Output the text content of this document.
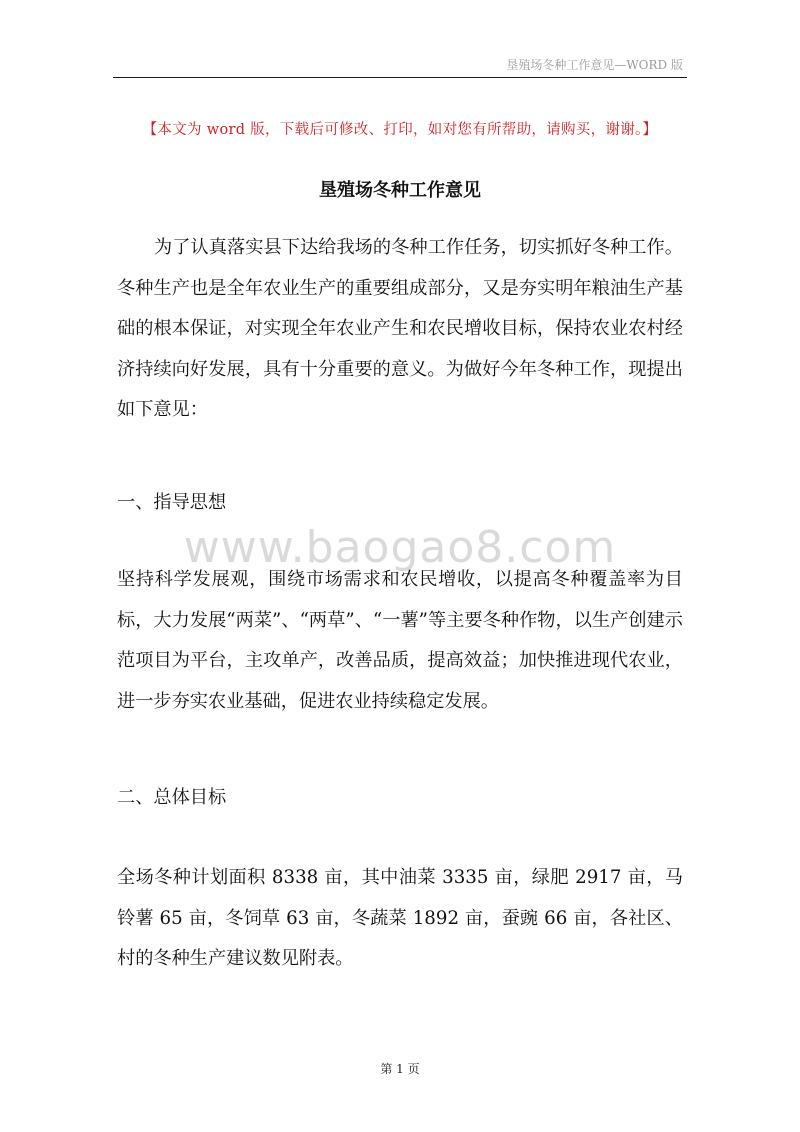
垦殖场冬种工作意见—WORD 版
【本文为 word 版，下载后可修改、打印，如对您有所帮助，请购买，谢谢。】
垦殖场冬种工作意见

为了认真落实县下达给我场的冬种工作任务，切实抓好冬种工作。冬种生产也是全年农业生产的重要组成部分，又是夯实明年粮油生产基础的根本保证，对实现全年农业产生和农民增收目标，保持农业农村经济持续向好发展，具有十分重要的意义。为做好今年冬种工作，现提出如下意见：

一、指导思想

www.baogao8.com

坚持科学发展观，围绕市场需求和农民增收，以提高冬种覆盖率为目标，大力发展“两菜”、“两草”、“一薯”等主要冬种作物，以生产创建示范项目为平台，主攻单产，改善品质，提高效益；加快推进现代农业，进一步夯实农业基础，促进农业持续稳定发展。

二、总体目标

全场冬种计划面积 8338 亩，其中油菜 3335 亩，绿肥 2917 亩，马铃薯 65 亩，冬饲草 63 亩，冬蔬菜 1892 亩，蚕豌 66 亩，各社区、村的冬种生产建议数见附表。

第 1 页
